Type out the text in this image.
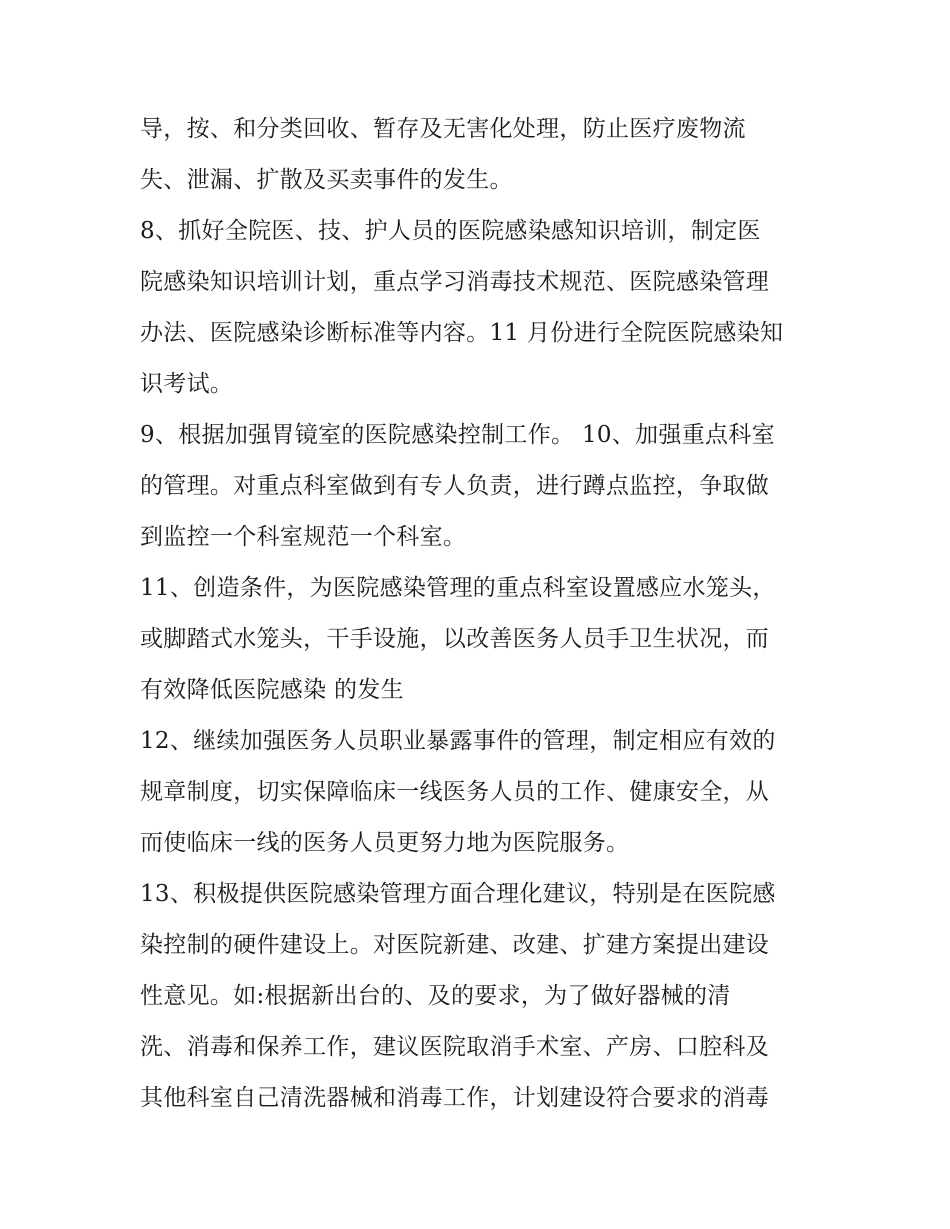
导，按、和分类回收、暂存及无害化处理，防止医疗废物流
失、泄漏、扩散及买卖事件的发生。
8、抓好全院医、技、护人员的医院感染感知识培训，制定医
院感染知识培训计划，重点学习消毒技术规范、医院感染管理
办法、医院感染诊断标准等内容。11 月份进行全院医院感染知
识考试。
9、根据加强胃镜室的医院感染控制工作。 10、加强重点科室
的管理。对重点科室做到有专人负责，进行蹲点监控，争取做
到监控一个科室规范一个科室。
11、创造条件，为医院感染管理的重点科室设置感应水笼头，
或脚踏式水笼头，干手设施，以改善医务人员手卫生状况，而
有效降低医院感染 的发生
12、继续加强医务人员职业暴露事件的管理，制定相应有效的
规章制度，切实保障临床一线医务人员的工作、健康安全，从
而使临床一线的医务人员更努力地为医院服务。
13、积极提供医院感染管理方面合理化建议，特别是在医院感
染控制的硬件建设上。对医院新建、改建、扩建方案提出建设
性意见。如:根据新出台的、及的要求，为了做好器械的清
洗、消毒和保养工作，建议医院取消手术室、产房、口腔科及
其他科室自己清洗器械和消毒工作，计划建设符合要求的消毒
